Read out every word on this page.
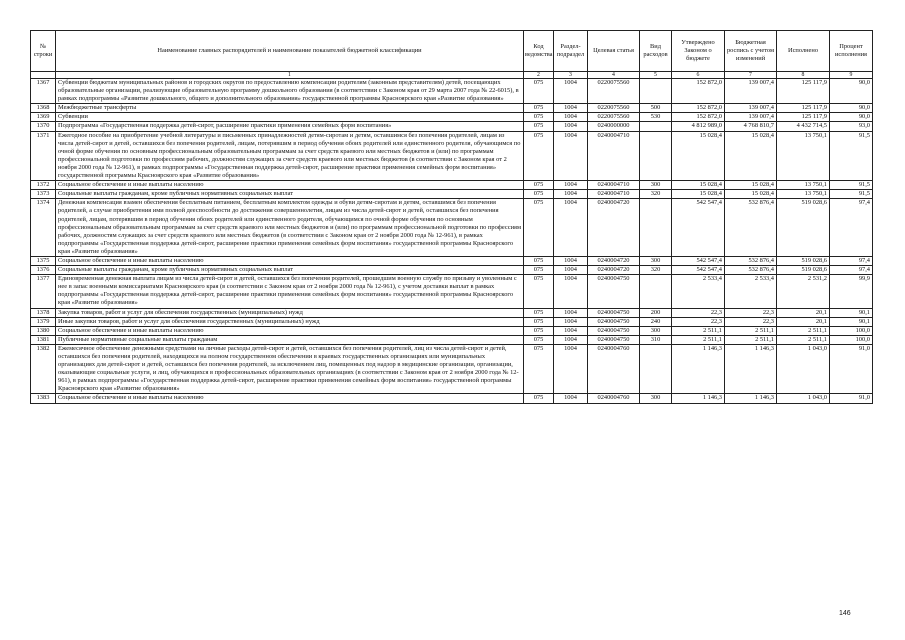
№ строки	Наименование главных распорядителей и наименование показателей бюджетной классификации	Код ведомства	Раздел-подраздел	Целевая статья	Вид расходов	Утверждено Законом о бюджете	Бюджетная роспись с учетом изменений	Исполнено	Процент исполнения
	1	2	3	4	5	6	7	8	9
1367	Субвенции бюджетам муниципальных районов и городских округов по предоставлению компенсации родителям (законным представителям) детей, посещающих образовательные организации, реализующие образовательную программу дошкольного образования (в соответствии с Законом края от 29 марта 2007 года № 22-6015), в рамках подпрограммы «Развитие дошкольного, общего и дополнительного образования» государственной программы Красноярского края «Развитие образования»	075	1004	0220075560		152 872,0	139 007,4	125 117,9	90,0
1368	Межбюджетные трансферты	075	1004	0220075560	500	152 872,0	139 007,4	125 117,9	90,0
1369	Субвенции	075	1004	0220075560	530	152 872,0	139 007,4	125 117,9	90,0
1370	Подпрограмма «Государственная поддержка детей-сирот, расширение практики применения семейных форм воспитания»	075	1004	0240000000		4 812 989,0	4 768 810,7	4 432 714,5	93,0
1371	Ежегодное пособие на приобретение учебной литературы и письменных принадлежностей детям-сиротам и детям, оставшимся без попечения родителей, лицам из числа детей-сирот и детей, оставшихся без попечения родителей, лицам, потерявшим в период обучения обоих родителей или единственного родителя, обучающимся по очной форме обучения по основным профессиональным образовательным программам за счет средств краевого или местных бюджетов и (или) по программам профессиональной подготовки по профессиям рабочих, должностям служащих за счет средств краевого или местных бюджетов (в соответствии с Законом края от 2 ноября 2000 года № 12-961), в рамках подпрограммы «Государственная поддержка детей-сирот, расширение практики применения семейных форм воспитания» государственной программы Красноярского края «Развитие образования»	075	1004	0240004710		15 028,4	15 028,4	13 750,1	91,5
1372	Социальное обеспечение и иные выплаты населению	075	1004	0240004710	300	15 028,4	15 028,4	13 750,1	91,5
1373	Социальные выплаты гражданам, кроме публичных нормативных социальных выплат	075	1004	0240004710	320	15 028,4	15 028,4	13 750,1	91,5
1374	Денежная компенсация взамен обеспечения бесплатным питанием, бесплатным комплектом одежды и обуви детям-сиротам и детям, оставшимся без попечения родителей, а случае приобретения ими полной дееспособности до достижения совершеннолетия, лицам из числа детей-сирот и детей, оставшихся без попечения родителей, лицам, потерявшим в период обучения обоих родителей или единственного родителя, обучающимся по очной форме обучения по основным профессиональным образовательным программам за счет средств краевого или местных бюджетов и (или) по программам профессиональной подготовки по профессиям рабочих, должностям служащих за счет средств краевого или местных бюджетов (в соответствии с Законом края от 2 ноября 2000 года № 12-961), в рамках подпрограммы «Государственная поддержка детей-сирот, расширение практики применения семейных форм воспитания» государственной программы Красноярского края «Развитие образования»	075	1004	0240004720		542 547,4	532 876,4	519 028,6	97,4
1375	Социальное обеспечение и иные выплаты населению	075	1004	0240004720	300	542 547,4	532 876,4	519 028,6	97,4
1376	Социальные выплаты гражданам, кроме публичных нормативных социальных выплат	075	1004	0240004720	320	542 547,4	532 876,4	519 028,6	97,4
1377	Единовременная денежная выплата лицам из числа детей-сирот и детей, оставшихся без попечения родителей, прошедшим военную службу по призыву и уволенным с нее в запас военными комиссариатами Красноярского края (в соответствии с Законом края от 2 ноября 2000 года № 12-961), с учетом доставки выплат в рамках подпрограммы «Государственная поддержка детей-сирот, расширение практики применения семейных форм воспитания» государственной программы Красноярского края «Развитие образования»	075	1004	0240004750		2 533,4	2 533,4	2 531,2	99,9
1378	Закупка товаров, работ и услуг для обеспечения государственных (муниципальных) нужд	075	1004	0240004750	200	22,3	22,3	20,1	90,1
1379	Иные закупки товаров, работ и услуг для обеспечения государственных (муниципальных) нужд	075	1004	0240004750	240	22,3	22,3	20,1	90,1
1380	Социальное обеспечение и иные выплаты населению	075	1004	0240004750	300	2 511,1	2 511,1	2 511,1	100,0
1381	Публичные нормативные социальные выплаты гражданам	075	1004	0240004750	310	2 511,1	2 511,1	2 511,1	100,0
1382	Ежемесячное обеспечение денежными средствами на личные расходы детей-сирот и детей, оставшихся без попечения родителей, лиц из числа детей-сирот и детей, оставшихся без попечения родителей, находящихся на полном государственном обеспечении в краевых государственных организациях или муниципальных организациях для детей-сирот и детей, оставшихся без попечения родителей, за исключением лиц, помещенных под надзор в медицинские организации, организации, оказывающие социальные услуги, и лиц, обучающихся в профессиональных образовательных организациях (в соответствии с Законом края от 2 ноября 2000 года № 12-961), в рамках подпрограммы «Государственная поддержка детей-сирот, расширение практики применения семейных форм воспитания» государственной программы Красноярского края «Развитие образования»	075	1004	0240004760		1 146,3	1 146,3	1 043,0	91,0
1383	Социальное обеспечение и иные выплаты населению	075	1004	0240004760	300	1 146,3	1 146,3	1 043,0	91,0
146
